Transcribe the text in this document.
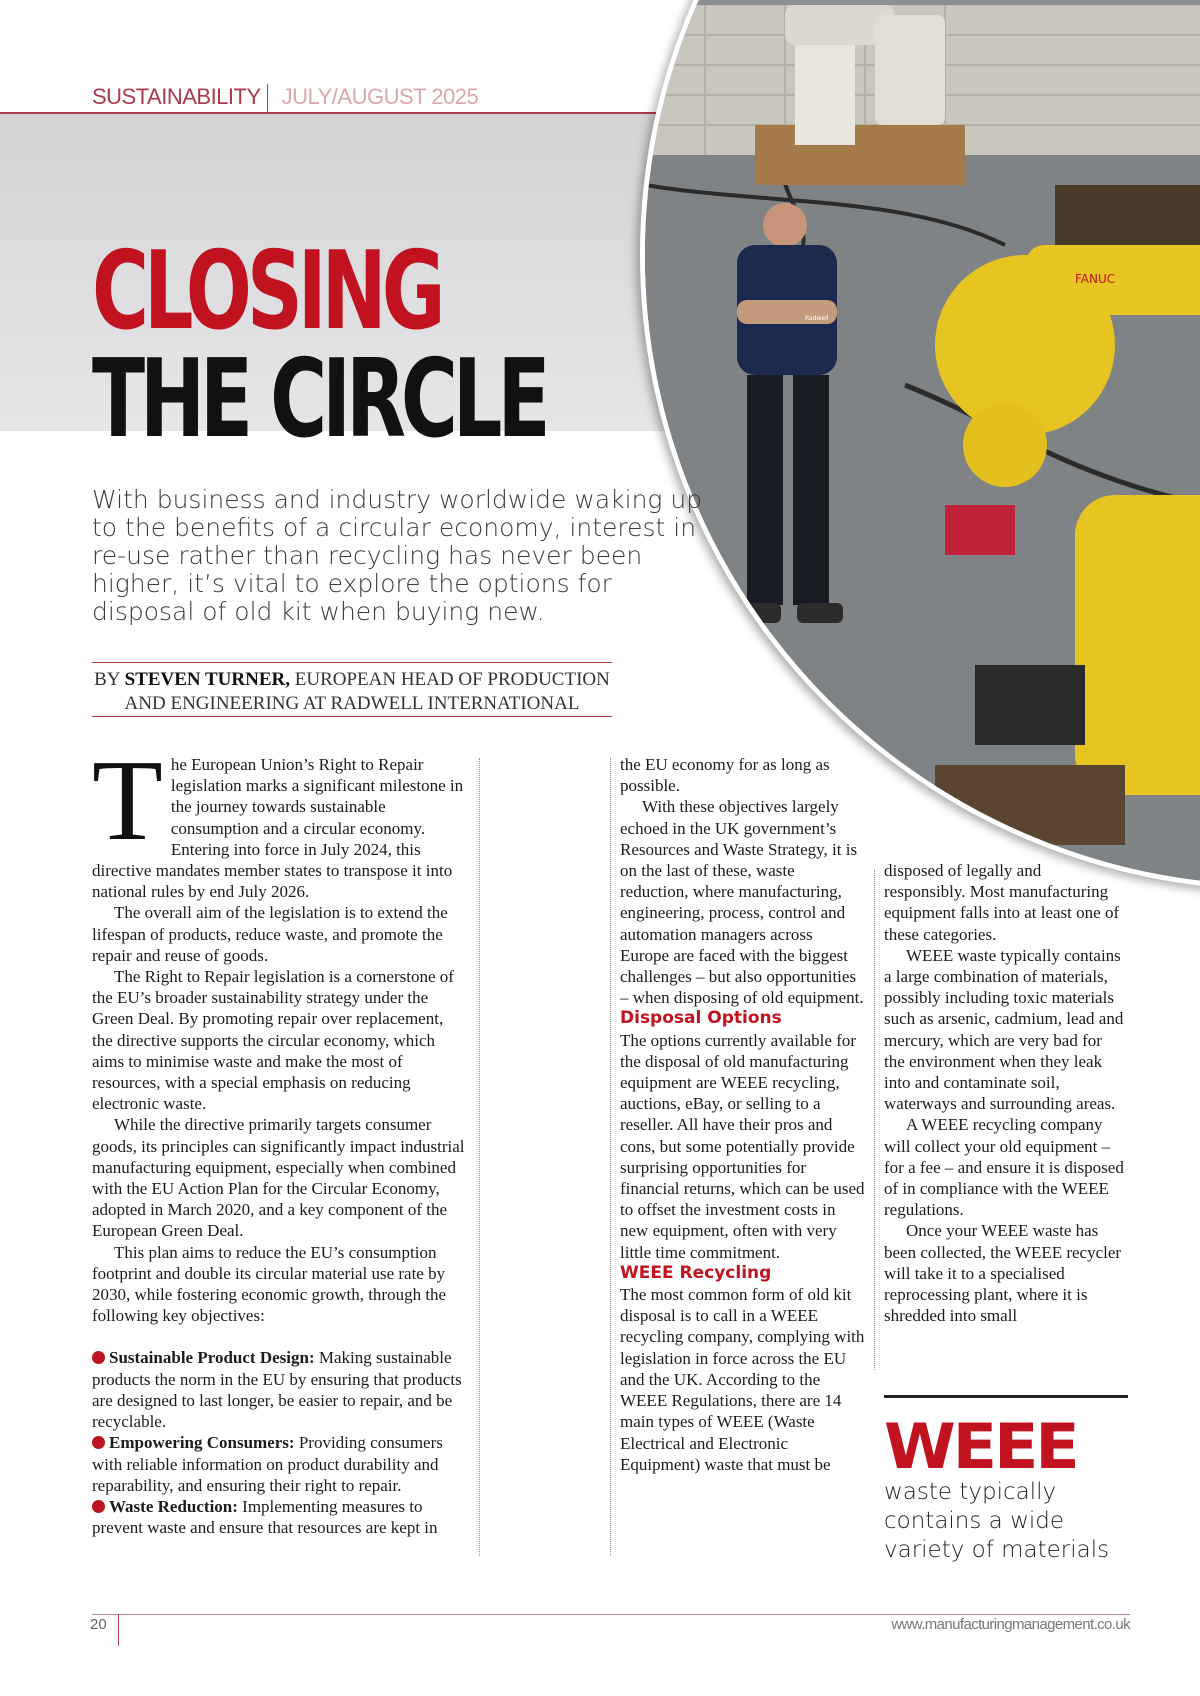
SUSTAINABILITY JULY/AUGUST 2025
FANUC
Radwell
CLOSING
THE CIRCLE
With business and industry worldwide waking up to the benefits of a circular economy, interest in re-use rather than recycling has never been higher, it’s vital to explore the options for disposal of old kit when buying new.
BY STEVEN TURNER, EUROPEAN HEAD OF PRODUCTION AND ENGINEERING AT RADWELL INTERNATIONAL

The European Union’s Right to Repair legislation marks a significant milestone in the journey towards sustainable consumption and a circular economy. Entering into force in July 2024, this directive mandates member states to transpose it into national rules by end July 2026.

The overall aim of the legislation is to extend the lifespan of products, reduce waste, and promote the repair and reuse of goods.

The Right to Repair legislation is a cornerstone of the EU’s broader sustainability strategy under the Green Deal. By promoting repair over replacement, the directive supports the circular economy, which aims to minimise waste and make the most of resources, with a special emphasis on reducing electronic waste.

While the directive primarily targets consumer goods, its principles can significantly impact industrial manufacturing equipment, especially when combined with the EU Action Plan for the Circular Economy, adopted in March 2020, and a key component of the European Green Deal.

This plan aims to reduce the EU’s consumption footprint and double its circular material use rate by 2030, while fostering economic growth, through the following key objectives:

Sustainable Product Design: Making sustainable products the norm in the EU by ensuring that products are designed to last longer, be easier to repair, and be recyclable.

Empowering Consumers: Providing consumers with reliable information on product durability and reparability, and ensuring their right to repair.

Waste Reduction: Implementing measures to prevent waste and ensure that resources are kept in

the EU economy for as long as possible.

With these objectives largely echoed in the UK government’s Resources and Waste Strategy, it is on the last of these, waste reduction, where manufacturing, engineering, process, control and automation managers across Europe are faced with the biggest challenges – but also opportunities – when disposing of old equipment.

Disposal Options

The options currently available for the disposal of old manufacturing equipment are WEEE recycling, auctions, eBay, or selling to a reseller. All have their pros and cons, but some potentially provide surprising opportunities for financial returns, which can be used to offset the investment costs in new equipment, often with very little time commitment.

WEEE Recycling

The most common form of old kit disposal is to call in a WEEE recycling company, complying with legislation in force across the EU and the UK. According to the WEEE Regulations, there are 14 main types of WEEE (Waste Electrical and Electronic Equipment) waste that must be

disposed of legally and responsibly. Most manufacturing equipment falls into at least one of these categories.

WEEE waste typically contains a large combination of materials, possibly including toxic materials such as arsenic, cadmium, lead and mercury, which are very bad for the environment when they leak into and contaminate soil, waterways and surrounding areas.

A WEEE recycling company will collect your old equipment – for a fee – and ensure it is disposed of in compliance with the WEEE regulations.

Once your WEEE waste has been collected, the WEEE recycler will take it to a specialised reprocessing plant, where it is shredded into small

WEEE
waste typically contains a wide variety of materials
20	www.manufacturingmanagement.co.uk
